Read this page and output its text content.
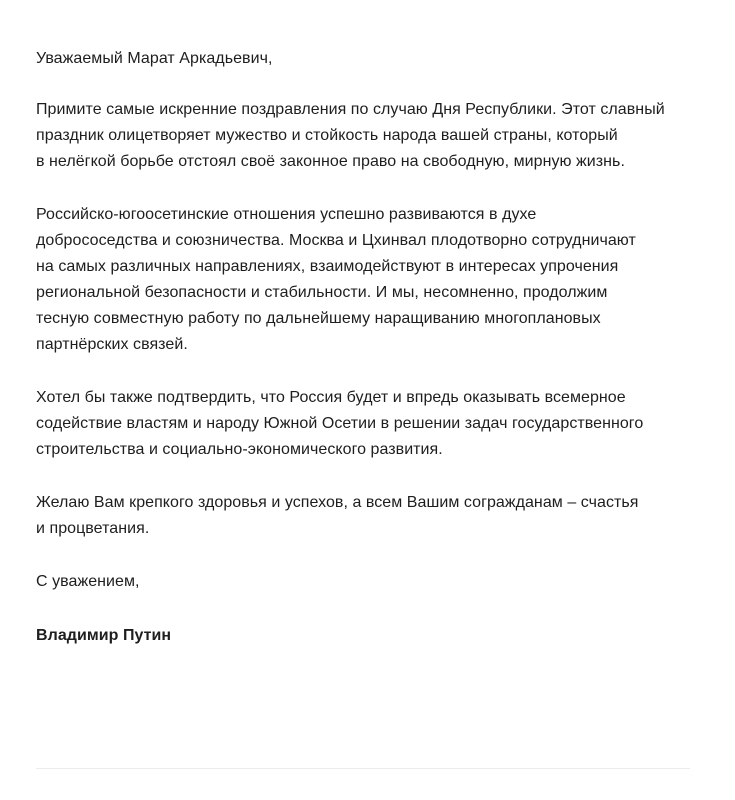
Уважаемый Марат Аркадьевич,

Примите самые искренние поздравления по случаю Дня Республики. Этот славный
праздник олицетворяет мужество и стойкость народа вашей страны, который
в нелёгкой борьбе отстоял своё законное право на свободную, мирную жизнь.

Российско-югоосетинские отношения успешно развиваются в духе
добрососедства и союзничества. Москва и Цхинвал плодотворно сотрудничают
на самых различных направлениях, взаимодействуют в интересах упрочения
региональной безопасности и стабильности. И мы, несомненно, продолжим
тесную совместную работу по дальнейшему наращиванию многоплановых
партнёрских связей.

Хотел бы также подтвердить, что Россия будет и впредь оказывать всемерное
содействие властям и народу Южной Осетии в решении задач государственного
строительства и социально-экономического развития.

Желаю Вам крепкого здоровья и успехов, а всем Вашим согражданам – счастья
и процветания.

С уважением,

Владимир Путин
